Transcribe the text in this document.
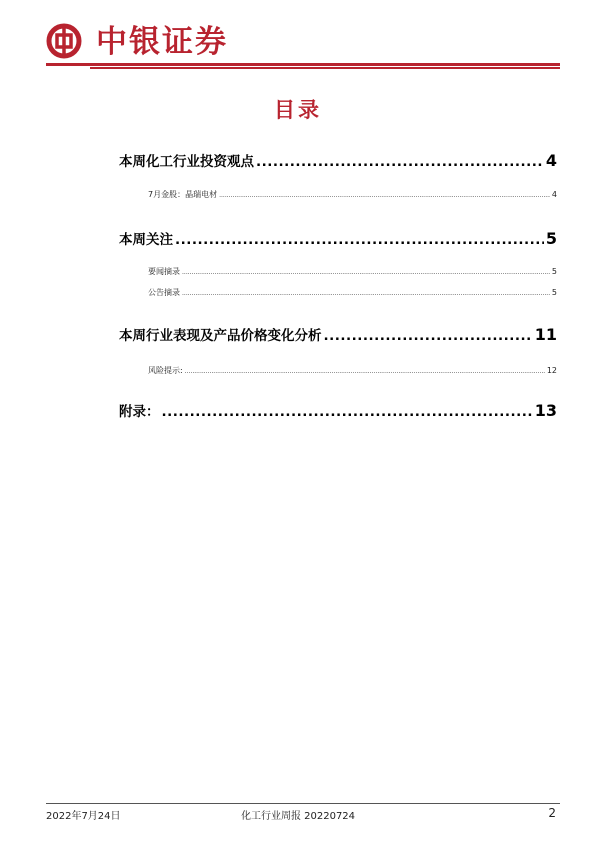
中银证券
目录
本周化工行业投资观点 .....	4
7月金股：晶瑞电材 .....	4
本周关注 .....	5
要闻摘录 .....	5
公告摘录 .....	5
本周行业表现及产品价格变化分析 .....	11
风险提示: .....	12
附录： .....	13
2022年7月24日	化工行业周报 20220724	2
